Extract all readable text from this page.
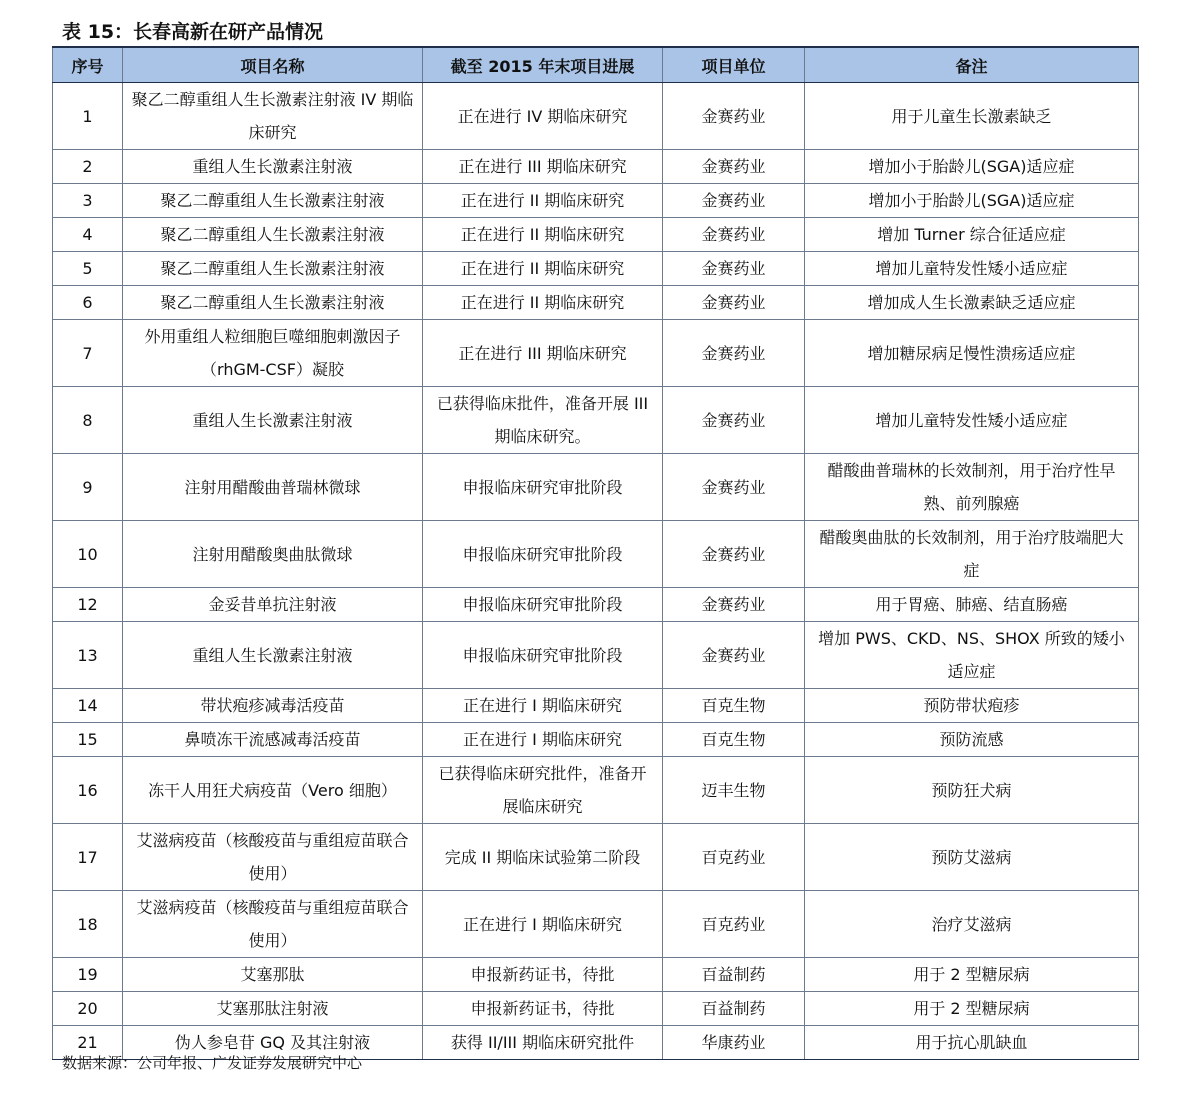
表 15：长春高新在研产品情况
序号	项目名称	截至 2015 年末项目进展	项目单位	备注
1	聚乙二醇重组人生长激素注射液 IV 期临床研究	正在进行 IV 期临床研究	金赛药业	用于儿童生长激素缺乏
2	重组人生长激素注射液	正在进行 III 期临床研究	金赛药业	增加小于胎龄儿(SGA)适应症
3	聚乙二醇重组人生长激素注射液	正在进行 II 期临床研究	金赛药业	增加小于胎龄儿(SGA)适应症
4	聚乙二醇重组人生长激素注射液	正在进行 II 期临床研究	金赛药业	增加 Turner 综合征适应症
5	聚乙二醇重组人生长激素注射液	正在进行 II 期临床研究	金赛药业	增加儿童特发性矮小适应症
6	聚乙二醇重组人生长激素注射液	正在进行 II 期临床研究	金赛药业	增加成人生长激素缺乏适应症
7	外用重组人粒细胞巨噬细胞刺激因子（rhGM-CSF）凝胶	正在进行 III 期临床研究	金赛药业	增加糖尿病足慢性溃疡适应症
8	重组人生长激素注射液	已获得临床批件，准备开展 III 期临床研究。	金赛药业	增加儿童特发性矮小适应症
9	注射用醋酸曲普瑞林微球	申报临床研究审批阶段	金赛药业	醋酸曲普瑞林的长效制剂，用于治疗性早熟、前列腺癌
10	注射用醋酸奥曲肽微球	申报临床研究审批阶段	金赛药业	醋酸奥曲肽的长效制剂，用于治疗肢端肥大症
12	金妥昔单抗注射液	申报临床研究审批阶段	金赛药业	用于胃癌、肺癌、结直肠癌
13	重组人生长激素注射液	申报临床研究审批阶段	金赛药业	增加 PWS、CKD、NS、SHOX 所致的矮小适应症
14	带状疱疹减毒活疫苗	正在进行 I 期临床研究	百克生物	预防带状疱疹
15	鼻喷冻干流感减毒活疫苗	正在进行 I 期临床研究	百克生物	预防流感
16	冻干人用狂犬病疫苗（Vero 细胞）	已获得临床研究批件，准备开展临床研究	迈丰生物	预防狂犬病
17	艾滋病疫苗（核酸疫苗与重组痘苗联合使用）	完成 II 期临床试验第二阶段	百克药业	预防艾滋病
18	艾滋病疫苗（核酸疫苗与重组痘苗联合使用）	正在进行 I 期临床研究	百克药业	治疗艾滋病
19	艾塞那肽	申报新药证书，待批	百益制药	用于 2 型糖尿病
20	艾塞那肽注射液	申报新药证书，待批	百益制药	用于 2 型糖尿病
21	伪人参皂苷 GQ 及其注射液	获得 II/III 期临床研究批件	华康药业	用于抗心肌缺血
数据来源：公司年报、广发证券发展研究中心
